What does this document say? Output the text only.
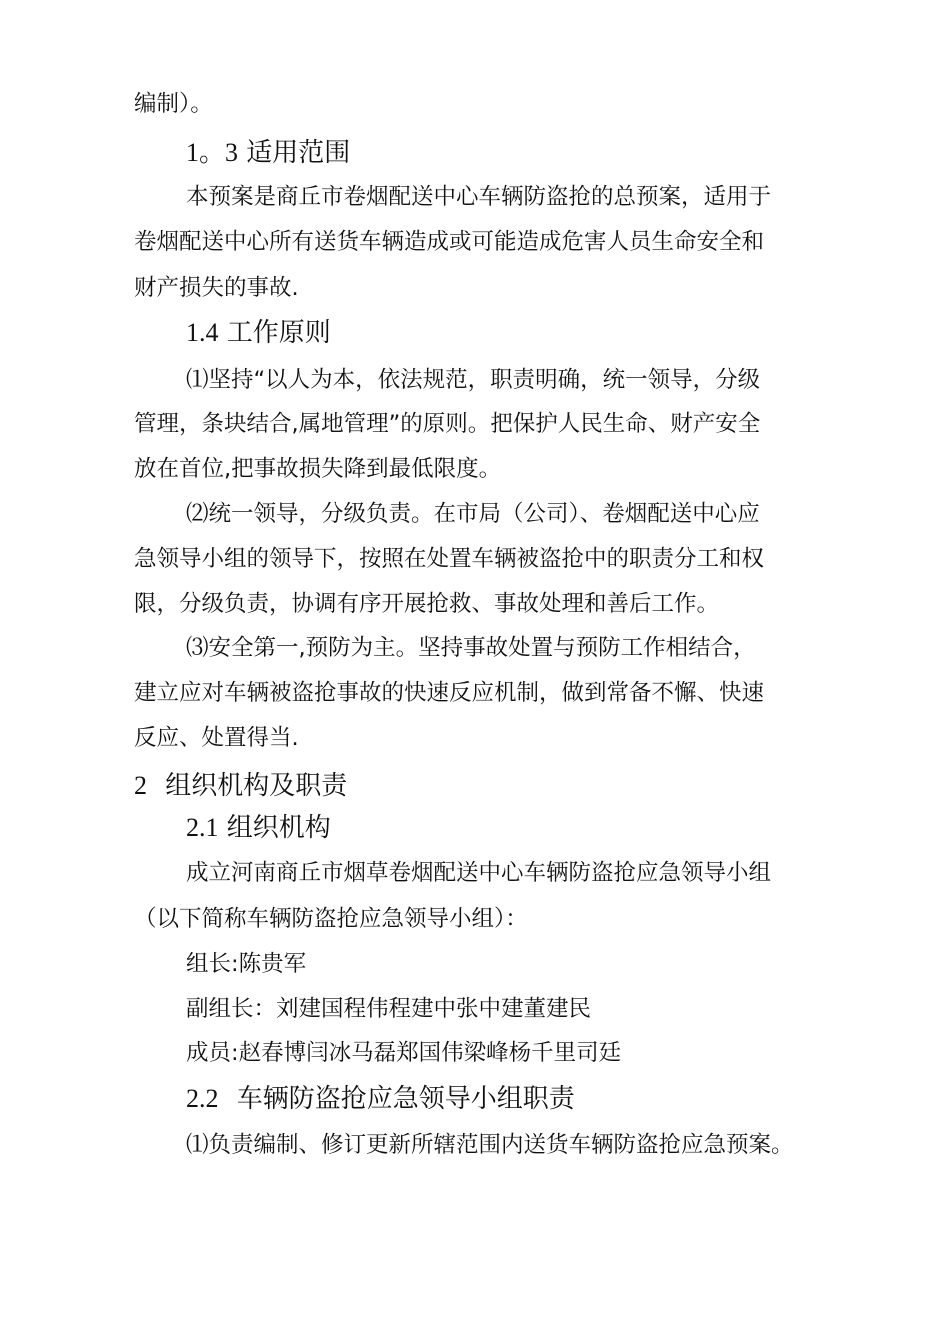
编制）。
1。3 适用范围
本预案是商丘市卷烟配送中心车辆防盗抢的总预案，适用于
卷烟配送中心所有送货车辆造成或可能造成危害人员生命安全和
财产损失的事故.
1.4 工作原则
⑴坚持“以人为本，依法规范，职责明确，统一领导，分级
管理，条块结合,属地管理”的原则。把保护人民生命、财产安全
放在首位,把事故损失降到最低限度。
⑵统一领导，分级负责。在市局（公司）、卷烟配送中心应
急领导小组的领导下，按照在处置车辆被盗抢中的职责分工和权
限，分级负责，协调有序开展抢救、事故处理和善后工作。
⑶安全第一,预防为主。坚持事故处置与预防工作相结合，
建立应对车辆被盗抢事故的快速反应机制，做到常备不懈、快速
反应、处置得当.
2 组织机构及职责
2.1 组织机构
成立河南商丘市烟草卷烟配送中心车辆防盗抢应急领导小组
（以下简称车辆防盗抢应急领导小组）：
组长:陈贵军
副组长：刘建国程伟程建中张中建董建民
成员:赵春博闫冰马磊郑国伟梁峰杨千里司廷
2.2 车辆防盗抢应急领导小组职责
⑴负责编制、修订更新所辖范围内送货车辆防盗抢应急预案。
